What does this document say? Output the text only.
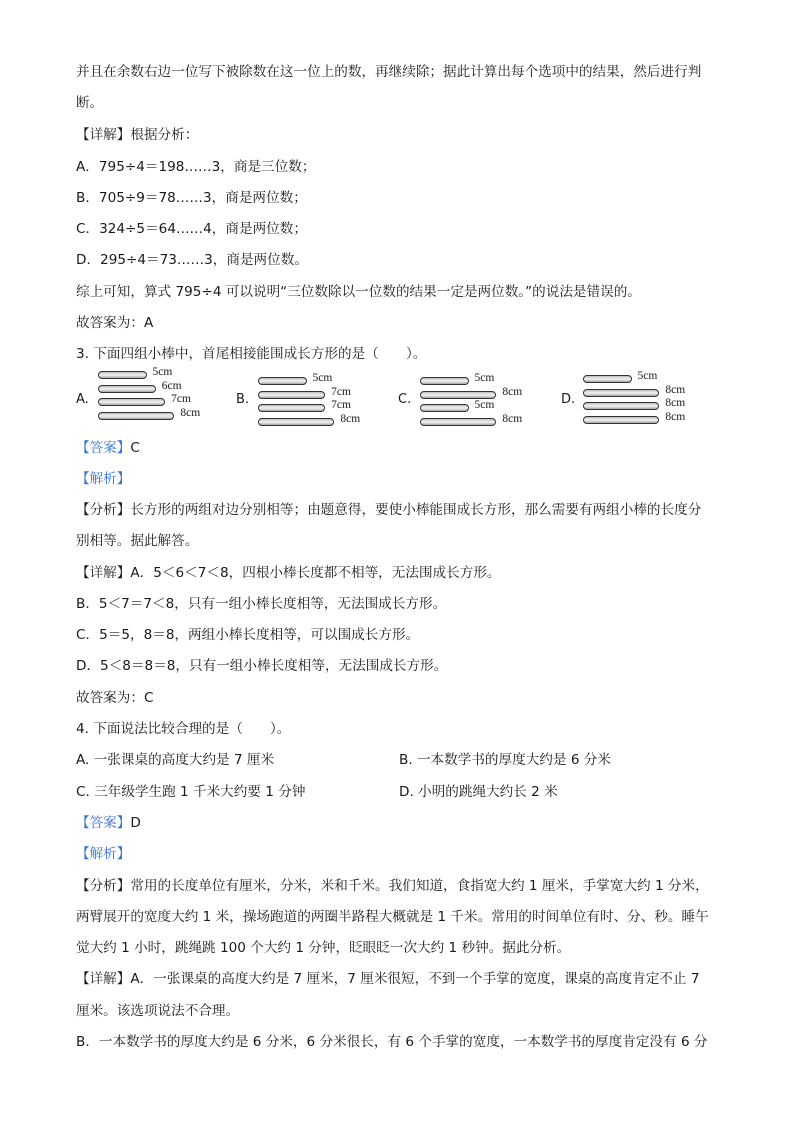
并且在余数右边一位写下被除数在这一位上的数，再继续除；据此计算出每个选项中的结果，然后进行判
断。
【详解】根据分析：
A．795÷4＝198……3，商是三位数；
B．705÷9＝78……3，商是两位数；
C．324÷5＝64……4，商是两位数；
D．295÷4＝73……3，商是两位数。
综上可知，算式 795÷4 可以说明“三位数除以一位数的结果一定是两位数。”的说法是错误的。
故答案为：A
3. 下面四组小棒中，首尾相接能围成长方形的是（　　）。
A.
5cm
6cm
7cm
8cm
B.
5cm
7cm
7cm
8cm
C.
5cm
8cm
5cm
8cm
D.
5cm
8cm
8cm
8cm
【答案】C
【解析】
【分析】长方形的两组对边分别相等；由题意得，要使小棒能围成长方形，那么需要有两组小棒的长度分
别相等。据此解答。
【详解】A．5＜6＜7＜8，四根小棒长度都不相等，无法围成长方形。
B．5＜7＝7＜8，只有一组小棒长度相等，无法围成长方形。
C．5＝5，8＝8，两组小棒长度相等，可以围成长方形。
D．5＜8＝8＝8，只有一组小棒长度相等，无法围成长方形。
故答案为：C
4. 下面说法比较合理的是（　　）。
A. 一张课桌的高度大约是 7 厘米	B. 一本数学书的厚度大约是 6 分米
C. 三年级学生跑 1 千米大约要 1 分钟	D. 小明的跳绳大约长 2 米
【答案】D
【解析】
【分析】常用的长度单位有厘米，分米，米和千米。我们知道，食指宽大约 1 厘米，手掌宽大约 1 分米，
两臂展开的宽度大约 1 米，操场跑道的两圈半路程大概就是 1 千米。常用的时间单位有时、分、秒。睡午
觉大约 1 小时，跳绳跳 100 个大约 1 分钟，眨眼眨一次大约 1 秒钟。据此分析。
【详解】A．一张课桌的高度大约是 7 厘米，7 厘米很短，不到一个手掌的宽度，课桌的高度肯定不止 7
厘米。该选项说法不合理。
B．一本数学书的厚度大约是 6 分米，6 分米很长，有 6 个手掌的宽度，一本数学书的厚度肯定没有 6 分
